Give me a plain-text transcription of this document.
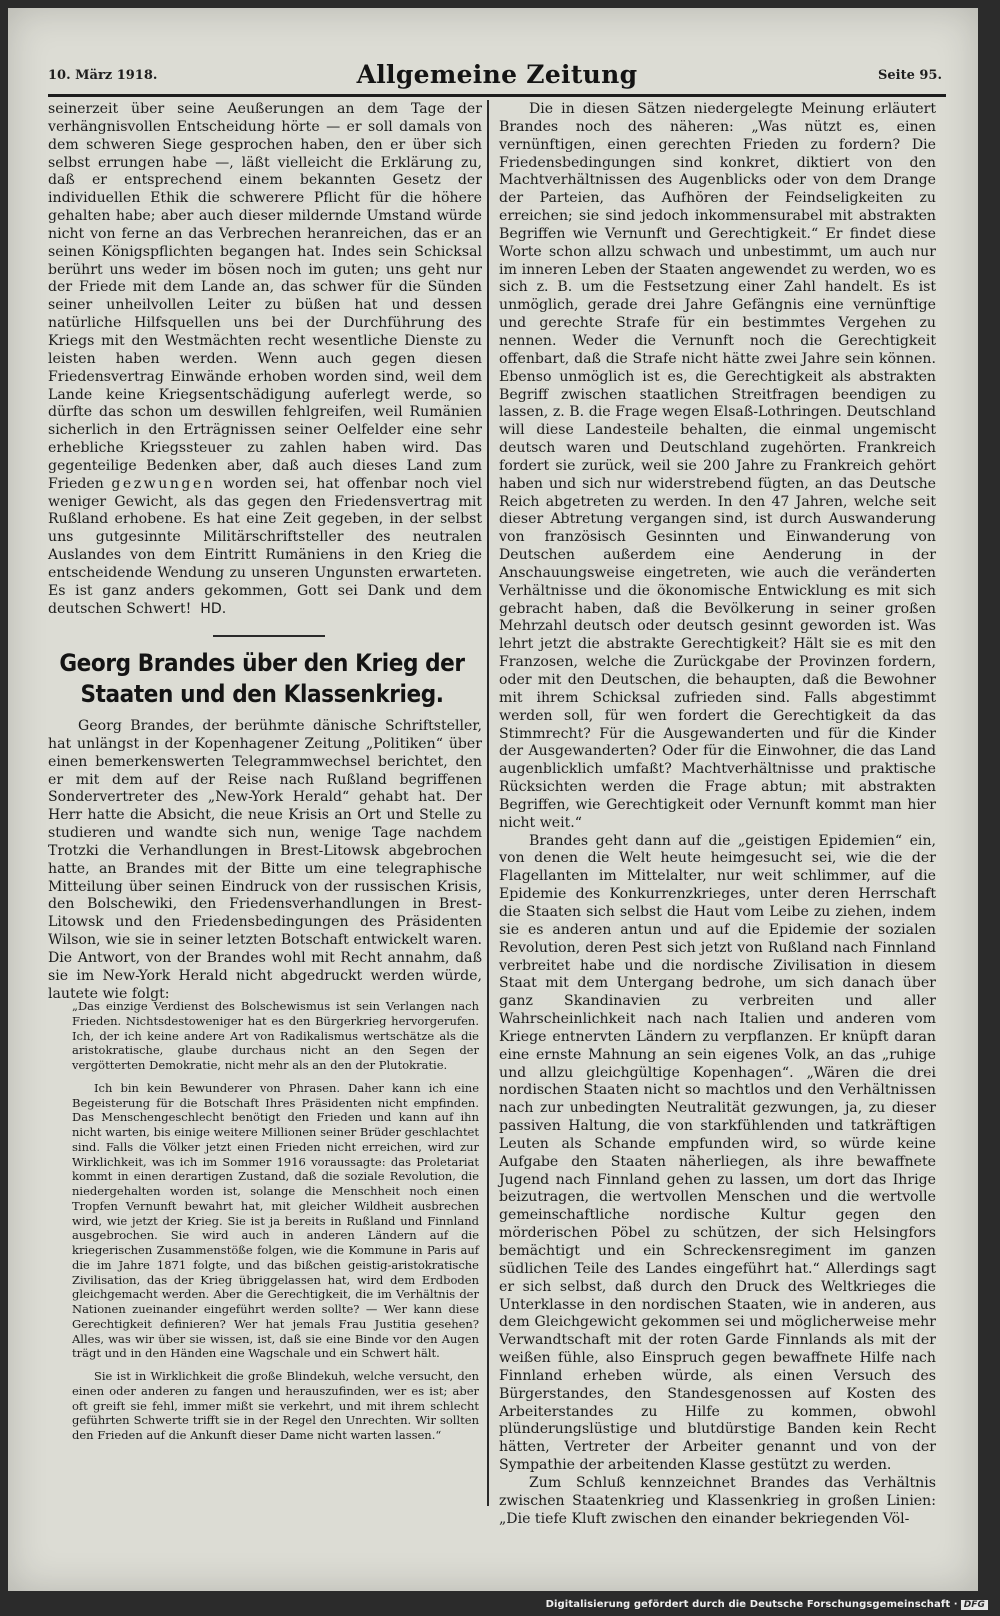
10. März 1918.	Allgemeine Zeitung	Seite 95.

seinerzeit über seine Aeußerungen an dem Tage der verhängnisvollen Entscheidung hörte — er soll damals von dem schweren Siege gesprochen haben, den er über sich selbst errungen habe —, läßt vielleicht die Erklärung zu, daß er entsprechend einem bekannten Gesetz der individuellen Ethik die schwerere Pflicht für die höhere gehalten habe; aber auch dieser mildernde Umstand würde nicht von ferne an das Verbrechen heranreichen, das er an seinen Königspflichten begangen hat. Indes sein Schicksal berührt uns weder im bösen noch im guten; uns geht nur der Friede mit dem Lande an, das schwer für die Sünden seiner unheilvollen Leiter zu büßen hat und dessen natürliche Hilfsquellen uns bei der Durchführung des Kriegs mit den Westmächten recht wesentliche Dienste zu leisten haben werden. Wenn auch gegen diesen Friedensvertrag Einwände erhoben worden sind, weil dem Lande keine Kriegsentschädigung auferlegt werde, so dürfte das schon um deswillen fehlgreifen, weil Rumänien sicherlich in den Erträgnissen seiner Oelfelder eine sehr erhebliche Kriegssteuer zu zahlen haben wird. Das gegenteilige Bedenken aber, daß auch dieses Land zum Frieden gezwungen worden sei, hat offenbar noch viel weniger Gewicht, als das gegen den Friedensvertrag mit Rußland erhobene. Es hat eine Zeit gegeben, in der selbst uns gutgesinnte Militärschriftsteller des neutralen Auslandes von dem Eintritt Rumäniens in den Krieg die entscheidende Wendung zu unseren Ungunsten erwarteten. Es ist ganz anders gekommen, Gott sei Dank und dem deutschen Schwert! HD.

Georg Brandes über den Krieg der
Staaten und den Klassenkrieg.

Georg Brandes, der berühmte dänische Schriftsteller, hat unlängst in der Kopenhagener Zeitung „Politiken“ über einen bemerkenswerten Telegrammwechsel berichtet, den er mit dem auf der Reise nach Rußland begriffenen Sondervertreter des „New-York Herald“ gehabt hat. Der Herr hatte die Absicht, die neue Krisis an Ort und Stelle zu studieren und wandte sich nun, wenige Tage nachdem Trotzki die Verhandlungen in Brest-Litowsk abgebrochen hatte, an Brandes mit der Bitte um eine telegraphische Mitteilung über seinen Eindruck von der russischen Krisis, den Bolschewiki, den Friedensverhandlungen in Brest-Litowsk und den Friedensbedingungen des Präsidenten Wilson, wie sie in seiner letzten Botschaft entwickelt waren. Die Antwort, von der Brandes wohl mit Recht annahm, daß sie im New-York Herald nicht abgedruckt werden würde, lautete wie folgt:

„Das einzige Verdienst des Bolschewismus ist sein Verlangen nach Frieden. Nichtsdestoweniger hat es den Bürgerkrieg hervorgerufen. Ich, der ich keine andere Art von Radikalismus wertschätze als die aristokratische, glaube durchaus nicht an den Segen der vergötterten Demokratie, nicht mehr als an den der Plutokratie.

Ich bin kein Bewunderer von Phrasen. Daher kann ich eine Begeisterung für die Botschaft Ihres Präsidenten nicht empfinden. Das Menschengeschlecht benötigt den Frieden und kann auf ihn nicht warten, bis einige weitere Millionen seiner Brüder geschlachtet sind. Falls die Völker jetzt einen Frieden nicht erreichen, wird zur Wirklichkeit, was ich im Sommer 1916 voraussagte: das Proletariat kommt in einen derartigen Zustand, daß die soziale Revolution, die niedergehalten worden ist, solange die Menschheit noch einen Tropfen Vernunft bewahrt hat, mit gleicher Wildheit ausbrechen wird, wie jetzt der Krieg. Sie ist ja bereits in Rußland und Finnland ausgebrochen. Sie wird auch in anderen Ländern auf die kriegerischen Zusammenstöße folgen, wie die Kommune in Paris auf die im Jahre 1871 folgte, und das bißchen geistig-aristokratische Zivilisation, das der Krieg übriggelassen hat, wird dem Erdboden gleichgemacht werden. Aber die Gerechtigkeit, die im Verhältnis der Nationen zueinander eingeführt werden sollte? — Wer kann diese Gerechtigkeit definieren? Wer hat jemals Frau Justitia gesehen? Alles, was wir über sie wissen, ist, daß sie eine Binde vor den Augen trägt und in den Händen eine Wagschale und ein Schwert hält.

Sie ist in Wirklichkeit die große Blindekuh, welche versucht, den einen oder anderen zu fangen und herauszufinden, wer es ist; aber oft greift sie fehl, immer mißt sie verkehrt, und mit ihrem schlecht geführten Schwerte trifft sie in der Regel den Unrechten. Wir sollten den Frieden auf die Ankunft dieser Dame nicht warten lassen.“

Die in diesen Sätzen niedergelegte Meinung erläutert Brandes noch des näheren: „Was nützt es, einen vernünftigen, einen gerechten Frieden zu fordern? Die Friedensbedingungen sind konkret, diktiert von den Machtverhältnissen des Augenblicks oder von dem Drange der Parteien, das Aufhören der Feindseligkeiten zu erreichen; sie sind jedoch inkommensurabel mit abstrakten Begriffen wie Vernunft und Gerechtigkeit.“ Er findet diese Worte schon allzu schwach und unbestimmt, um auch nur im inneren Leben der Staaten angewendet zu werden, wo es sich z. B. um die Festsetzung einer Zahl handelt. Es ist unmöglich, gerade drei Jahre Gefängnis eine vernünftige und gerechte Strafe für ein bestimmtes Vergehen zu nennen. Weder die Vernunft noch die Gerechtigkeit offenbart, daß die Strafe nicht hätte zwei Jahre sein können. Ebenso unmöglich ist es, die Gerechtigkeit als abstrakten Begriff zwischen staatlichen Streitfragen beendigen zu lassen, z. B. die Frage wegen Elsaß-Lothringen. Deutschland will diese Landesteile behalten, die einmal ungemischt deutsch waren und Deutschland zugehörten. Frankreich fordert sie zurück, weil sie 200 Jahre zu Frankreich gehört haben und sich nur widerstrebend fügten, an das Deutsche Reich abgetreten zu werden. In den 47 Jahren, welche seit dieser Abtretung vergangen sind, ist durch Auswanderung von französisch Gesinnten und Einwanderung von Deutschen außerdem eine Aenderung in der Anschauungsweise eingetreten, wie auch die veränderten Verhältnisse und die ökonomische Entwicklung es mit sich gebracht haben, daß die Bevölkerung in seiner großen Mehrzahl deutsch oder deutsch gesinnt geworden ist. Was lehrt jetzt die abstrakte Gerechtigkeit? Hält sie es mit den Franzosen, welche die Zurückgabe der Provinzen fordern, oder mit den Deutschen, die behaupten, daß die Bewohner mit ihrem Schicksal zufrieden sind. Falls abgestimmt werden soll, für wen fordert die Gerechtigkeit da das Stimmrecht? Für die Ausgewanderten und für die Kinder der Ausgewanderten? Oder für die Einwohner, die das Land augenblicklich umfaßt? Machtverhältnisse und praktische Rücksichten werden die Frage abtun; mit abstrakten Begriffen, wie Gerechtigkeit oder Vernunft kommt man hier nicht weit.“

Brandes geht dann auf die „geistigen Epidemien“ ein, von denen die Welt heute heimgesucht sei, wie die der Flagellanten im Mittelalter, nur weit schlimmer, auf die Epidemie des Konkurrenzkrieges, unter deren Herrschaft die Staaten sich selbst die Haut vom Leibe zu ziehen, indem sie es anderen antun und auf die Epidemie der sozialen Revolution, deren Pest sich jetzt von Rußland nach Finnland verbreitet habe und die nordische Zivilisation in diesem Staat mit dem Untergang bedrohe, um sich danach über ganz Skandinavien zu verbreiten und aller Wahrscheinlichkeit nach nach Italien und anderen vom Kriege entnervten Ländern zu verpflanzen. Er knüpft daran eine ernste Mahnung an sein eigenes Volk, an das „ruhige und allzu gleichgültige Kopenhagen“. „Wären die drei nordischen Staaten nicht so machtlos und den Verhältnissen nach zur unbedingten Neutralität gezwungen, ja, zu dieser passiven Haltung, die von starkfühlenden und tatkräftigen Leuten als Schande empfunden wird, so würde keine Aufgabe den Staaten näherliegen, als ihre bewaffnete Jugend nach Finnland gehen zu lassen, um dort das Ihrige beizutragen, die wertvollen Menschen und die wertvolle gemeinschaftliche nordische Kultur gegen den mörderischen Pöbel zu schützen, der sich Helsingfors bemächtigt und ein Schreckensregiment im ganzen südlichen Teile des Landes eingeführt hat.“ Allerdings sagt er sich selbst, daß durch den Druck des Weltkrieges die Unterklasse in den nordischen Staaten, wie in anderen, aus dem Gleichgewicht gekommen sei und möglicherweise mehr Verwandtschaft mit der roten Garde Finnlands als mit der weißen fühle, also Einspruch gegen bewaffnete Hilfe nach Finnland erheben würde, als einen Versuch des Bürgerstandes, den Standesgenossen auf Kosten des Arbeiterstandes zu Hilfe zu kommen, obwohl plünderungslüstige und blutdürstige Banden kein Recht hätten, Vertreter der Arbeiter genannt und von der Sympathie der arbeitenden Klasse gestützt zu werden.

Zum Schluß kennzeichnet Brandes das Verhältnis zwischen Staatenkrieg und Klassenkrieg in großen Linien: „Die tiefe Kluft zwischen den einander bekriegenden Völ-

Digitalisierung gefördert durch die Deutsche Forschungsgemeinschaft · DFG
